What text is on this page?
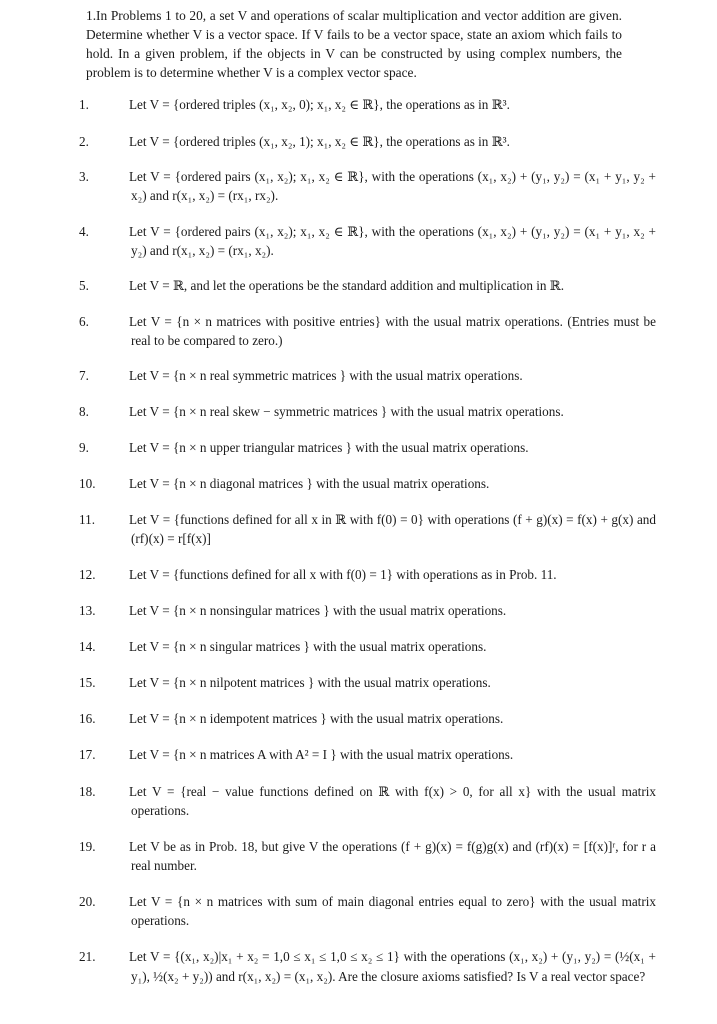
1.In Problems 1 to 20, a set V and operations of scalar multiplication and vector addition are given. Determine whether V is a vector space. If V fails to be a vector space, state an axiom which fails to hold. In a given problem, if the objects in V can be constructed by using complex numbers, the problem is to determine whether V is a complex vector space.
1.	Let V = {ordered triples (x₁, x₂, 0); x₁, x₂ ∈ ℝ}, the operations as in ℝ³.
2.	Let V = {ordered triples (x₁, x₂, 1); x₁, x₂ ∈ ℝ}, the operations as in ℝ³.
3.	Let V = {ordered pairs (x₁, x₂); x₁, x₂ ∈ ℝ}, with the operations (x₁, x₂) + (y₁, y₂) = (x₁ + y₁, y₂ + x₂) and r(x₁, x₂) = (rx₁, rx₂).
4.	Let V = {ordered pairs (x₁, x₂); x₁, x₂ ∈ ℝ}, with the operations (x₁, x₂) + (y₁, y₂) = (x₁ + y₁, x₂ + y₂) and r(x₁, x₂) = (rx₁, x₂).
5.	Let V = ℝ, and let the operations be the standard addition and multiplication in ℝ.
6.	Let V = {n × n matrices with positive entries} with the usual matrix operations. (Entries must be real to be compared to zero.)
7.	Let V = {n × n real symmetric matrices } with the usual matrix operations.
8.	Let V = {n × n real skew − symmetric matrices } with the usual matrix operations.
9.	Let V = {n × n upper triangular matrices } with the usual matrix operations.
10.	Let V = {n × n diagonal matrices } with the usual matrix operations.
11.	Let V = {functions defined for all x in ℝ with f(0) = 0} with operations (f + g)(x) = f(x) + g(x) and (rf)(x) = r[f(x)]
12.	Let V = {functions defined for all x with f(0) = 1} with operations as in Prob. 11.
13.	Let V = {n × n nonsingular matrices } with the usual matrix operations.
14.	Let V = {n × n singular matrices } with the usual matrix operations.
15.	Let V = {n × n nilpotent matrices } with the usual matrix operations.
16.	Let V = {n × n idempotent matrices } with the usual matrix operations.
17.	Let V = {n × n matrices A with A² = I } with the usual matrix operations.
18.	Let V = {real − value functions defined on ℝ with f(x) > 0, for all x} with the usual matrix operations.
19.	Let V be as in Prob. 18, but give V the operations (f + g)(x) = f(g)g(x) and (rf)(x) = [f(x)]ʳ, for r a real number.
20.	Let V = {n × n matrices with sum of main diagonal entries equal to zero} with the usual matrix operations.
21.	Let V = {(x₁, x₂)|x₁ + x₂ = 1,0 ≤ x₁ ≤ 1,0 ≤ x₂ ≤ 1} with the operations (x₁, x₂) + (y₁, y₂) = (½(x₁ + y₁), ½(x₂ + y₂)) and r(x₁, x₂) = (x₁, x₂). Are the closure axioms satisfied? Is V a real vector space?
